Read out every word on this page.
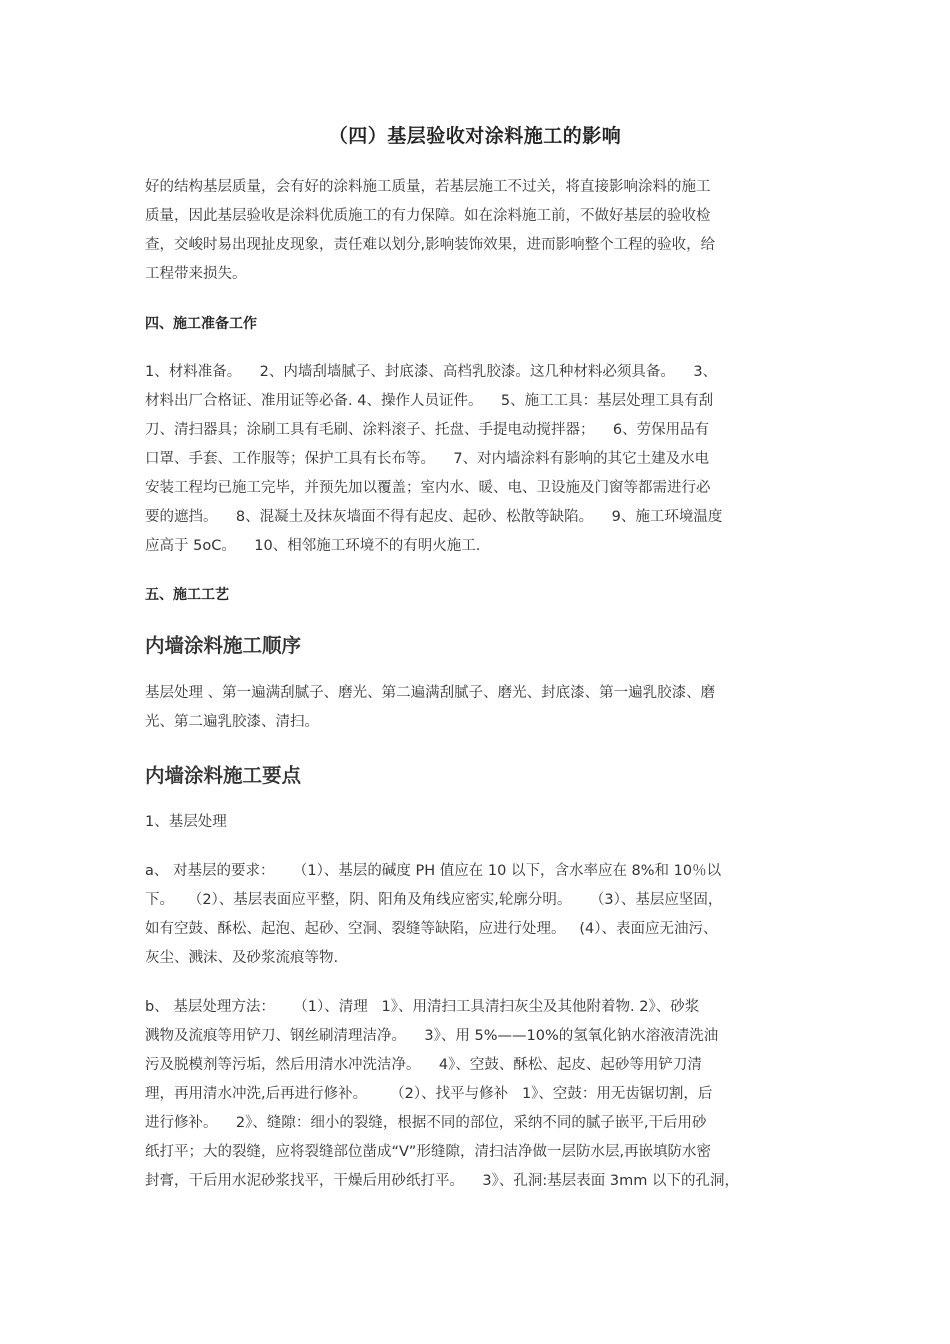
（四）基层验收对涂料施工的影响
好的结构基层质量，会有好的涂料施工质量，若基层施工不过关，将直接影响涂料的施工
质量，因此基层验收是涂料优质施工的有力保障。如在涂料施工前，不做好基层的验收检
查，交峻时易出现扯皮现象，责任难以划分,影响装饰效果，进而影响整个工程的验收，给
工程带来损失。
四、施工准备工作
1、材料准备。    2、内墙刮墙腻子、封底漆、高档乳胶漆。这几种材料必须具备。    3、
材料出厂合格证、准用证等必备. 4、操作人员证件。    5、施工工具：基层处理工具有刮
刀、清扫器具；涂刷工具有毛刷、涂料滚子、托盘、手提电动搅拌器；    6、劳保用品有
口罩、手套、工作服等；保护工具有长布等。    7、对内墙涂料有影响的其它土建及水电
安装工程均已施工完毕，并预先加以覆盖；室内水、暖、电、卫设施及门窗等都需进行必
要的遮挡。    8、混凝土及抹灰墙面不得有起皮、起砂、松散等缺陷。    9、施工环境温度
应高于 5oC。    10、相邻施工环境不的有明火施工.
五、施工工艺
内墙涂料施工顺序
基层处理 、第一遍满刮腻子、磨光、第二遍满刮腻子、磨光、封底漆、第一遍乳胶漆、磨
光、第二遍乳胶漆、清扫。
内墙涂料施工要点
1、基层处理
a、 对基层的要求：    （1）、基层的碱度 PH 值应在 10 以下，含水率应在 8%和 10％以
下。   （2）、基层表面应平整，阴、阳角及角线应密实,轮廓分明。    （3）、基层应坚固，
如有空鼓、酥松、起泡、起砂、空洞、裂缝等缺陷，应进行处理。   (4）、表面应无油污、
灰尘、溅沫、及砂浆流痕等物.
b、 基层处理方法：    （1）、清理   1》、用清扫工具清扫灰尘及其他附着物. 2》、砂浆
溅物及流痕等用铲刀、钢丝刷清理洁净。    3》、用 5%——10%的氢氧化钠水溶液清洗油
污及脱模剂等污垢，然后用清水冲洗洁净。    4》、空鼓、酥松、起皮、起砂等用铲刀清
理，再用清水冲洗,后再进行修补。     （2）、找平与修补   1》、空鼓：用无齿锯切割，后
进行修补。    2》、缝隙：细小的裂缝，根据不同的部位，采纳不同的腻子嵌平,干后用砂
纸打平；大的裂缝，应将裂缝部位凿成“V”形缝隙，清扫洁净做一层防水层,再嵌填防水密
封膏，干后用水泥砂浆找平，干燥后用砂纸打平。    3》、孔洞:基层表面 3mm 以下的孔洞，
